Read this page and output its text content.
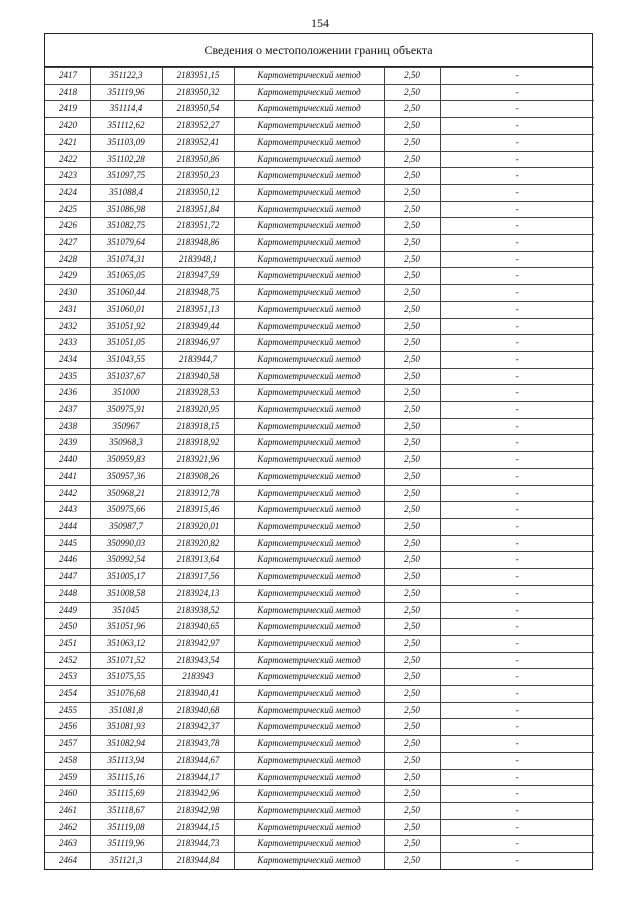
154
Сведения о местоположении границ объекта
2417	351122,3	2183951,15	Картометрический метод	2,50	-
2418	351119,96	2183950,32	Картометрический метод	2,50	-
2419	351114,4	2183950,54	Картометрический метод	2,50	-
2420	351112,62	2183952,27	Картометрический метод	2,50	-
2421	351103,09	2183952,41	Картометрический метод	2,50	-
2422	351102,28	2183950,86	Картометрический метод	2,50	-
2423	351097,75	2183950,23	Картометрический метод	2,50	-
2424	351088,4	2183950,12	Картометрический метод	2,50	-
2425	351086,98	2183951,84	Картометрический метод	2,50	-
2426	351082,75	2183951,72	Картометрический метод	2,50	-
2427	351079,64	2183948,86	Картометрический метод	2,50	-
2428	351074,31	2183948,1	Картометрический метод	2,50	-
2429	351065,05	2183947,59	Картометрический метод	2,50	-
2430	351060,44	2183948,75	Картометрический метод	2,50	-
2431	351060,01	2183951,13	Картометрический метод	2,50	-
2432	351051,92	2183949,44	Картометрический метод	2,50	-
2433	351051,05	2183946,97	Картометрический метод	2,50	-
2434	351043,55	2183944,7	Картометрический метод	2,50	-
2435	351037,67	2183940,58	Картометрический метод	2,50	-
2436	351000	2183928,53	Картометрический метод	2,50	-
2437	350975,91	2183920,95	Картометрический метод	2,50	-
2438	350967	2183918,15	Картометрический метод	2,50	-
2439	350968,3	2183918,92	Картометрический метод	2,50	-
2440	350959,83	2183921,96	Картометрический метод	2,50	-
2441	350957,36	2183908,26	Картометрический метод	2,50	-
2442	350968,21	2183912,78	Картометрический метод	2,50	-
2443	350975,66	2183915,46	Картометрический метод	2,50	-
2444	350987,7	2183920,01	Картометрический метод	2,50	-
2445	350990,03	2183920,82	Картометрический метод	2,50	-
2446	350992,54	2183913,64	Картометрический метод	2,50	-
2447	351005,17	2183917,56	Картометрический метод	2,50	-
2448	351008,58	2183924,13	Картометрический метод	2,50	-
2449	351045	2183938,52	Картометрический метод	2,50	-
2450	351051,96	2183940,65	Картометрический метод	2,50	-
2451	351063,12	2183942,97	Картометрический метод	2,50	-
2452	351071,52	2183943,54	Картометрический метод	2,50	-
2453	351075,55	2183943	Картометрический метод	2,50	-
2454	351076,68	2183940,41	Картометрический метод	2,50	-
2455	351081,8	2183940,68	Картометрический метод	2,50	-
2456	351081,93	2183942,37	Картометрический метод	2,50	-
2457	351082,94	2183943,78	Картометрический метод	2,50	-
2458	351113,94	2183944,67	Картометрический метод	2,50	-
2459	351115,16	2183944,17	Картометрический метод	2,50	-
2460	351115,69	2183942,96	Картометрический метод	2,50	-
2461	351118,67	2183942,98	Картометрический метод	2,50	-
2462	351119,08	2183944,15	Картометрический метод	2,50	-
2463	351119,96	2183944,73	Картометрический метод	2,50	-
2464	351121,3	2183944,84	Картометрический метод	2,50	-
